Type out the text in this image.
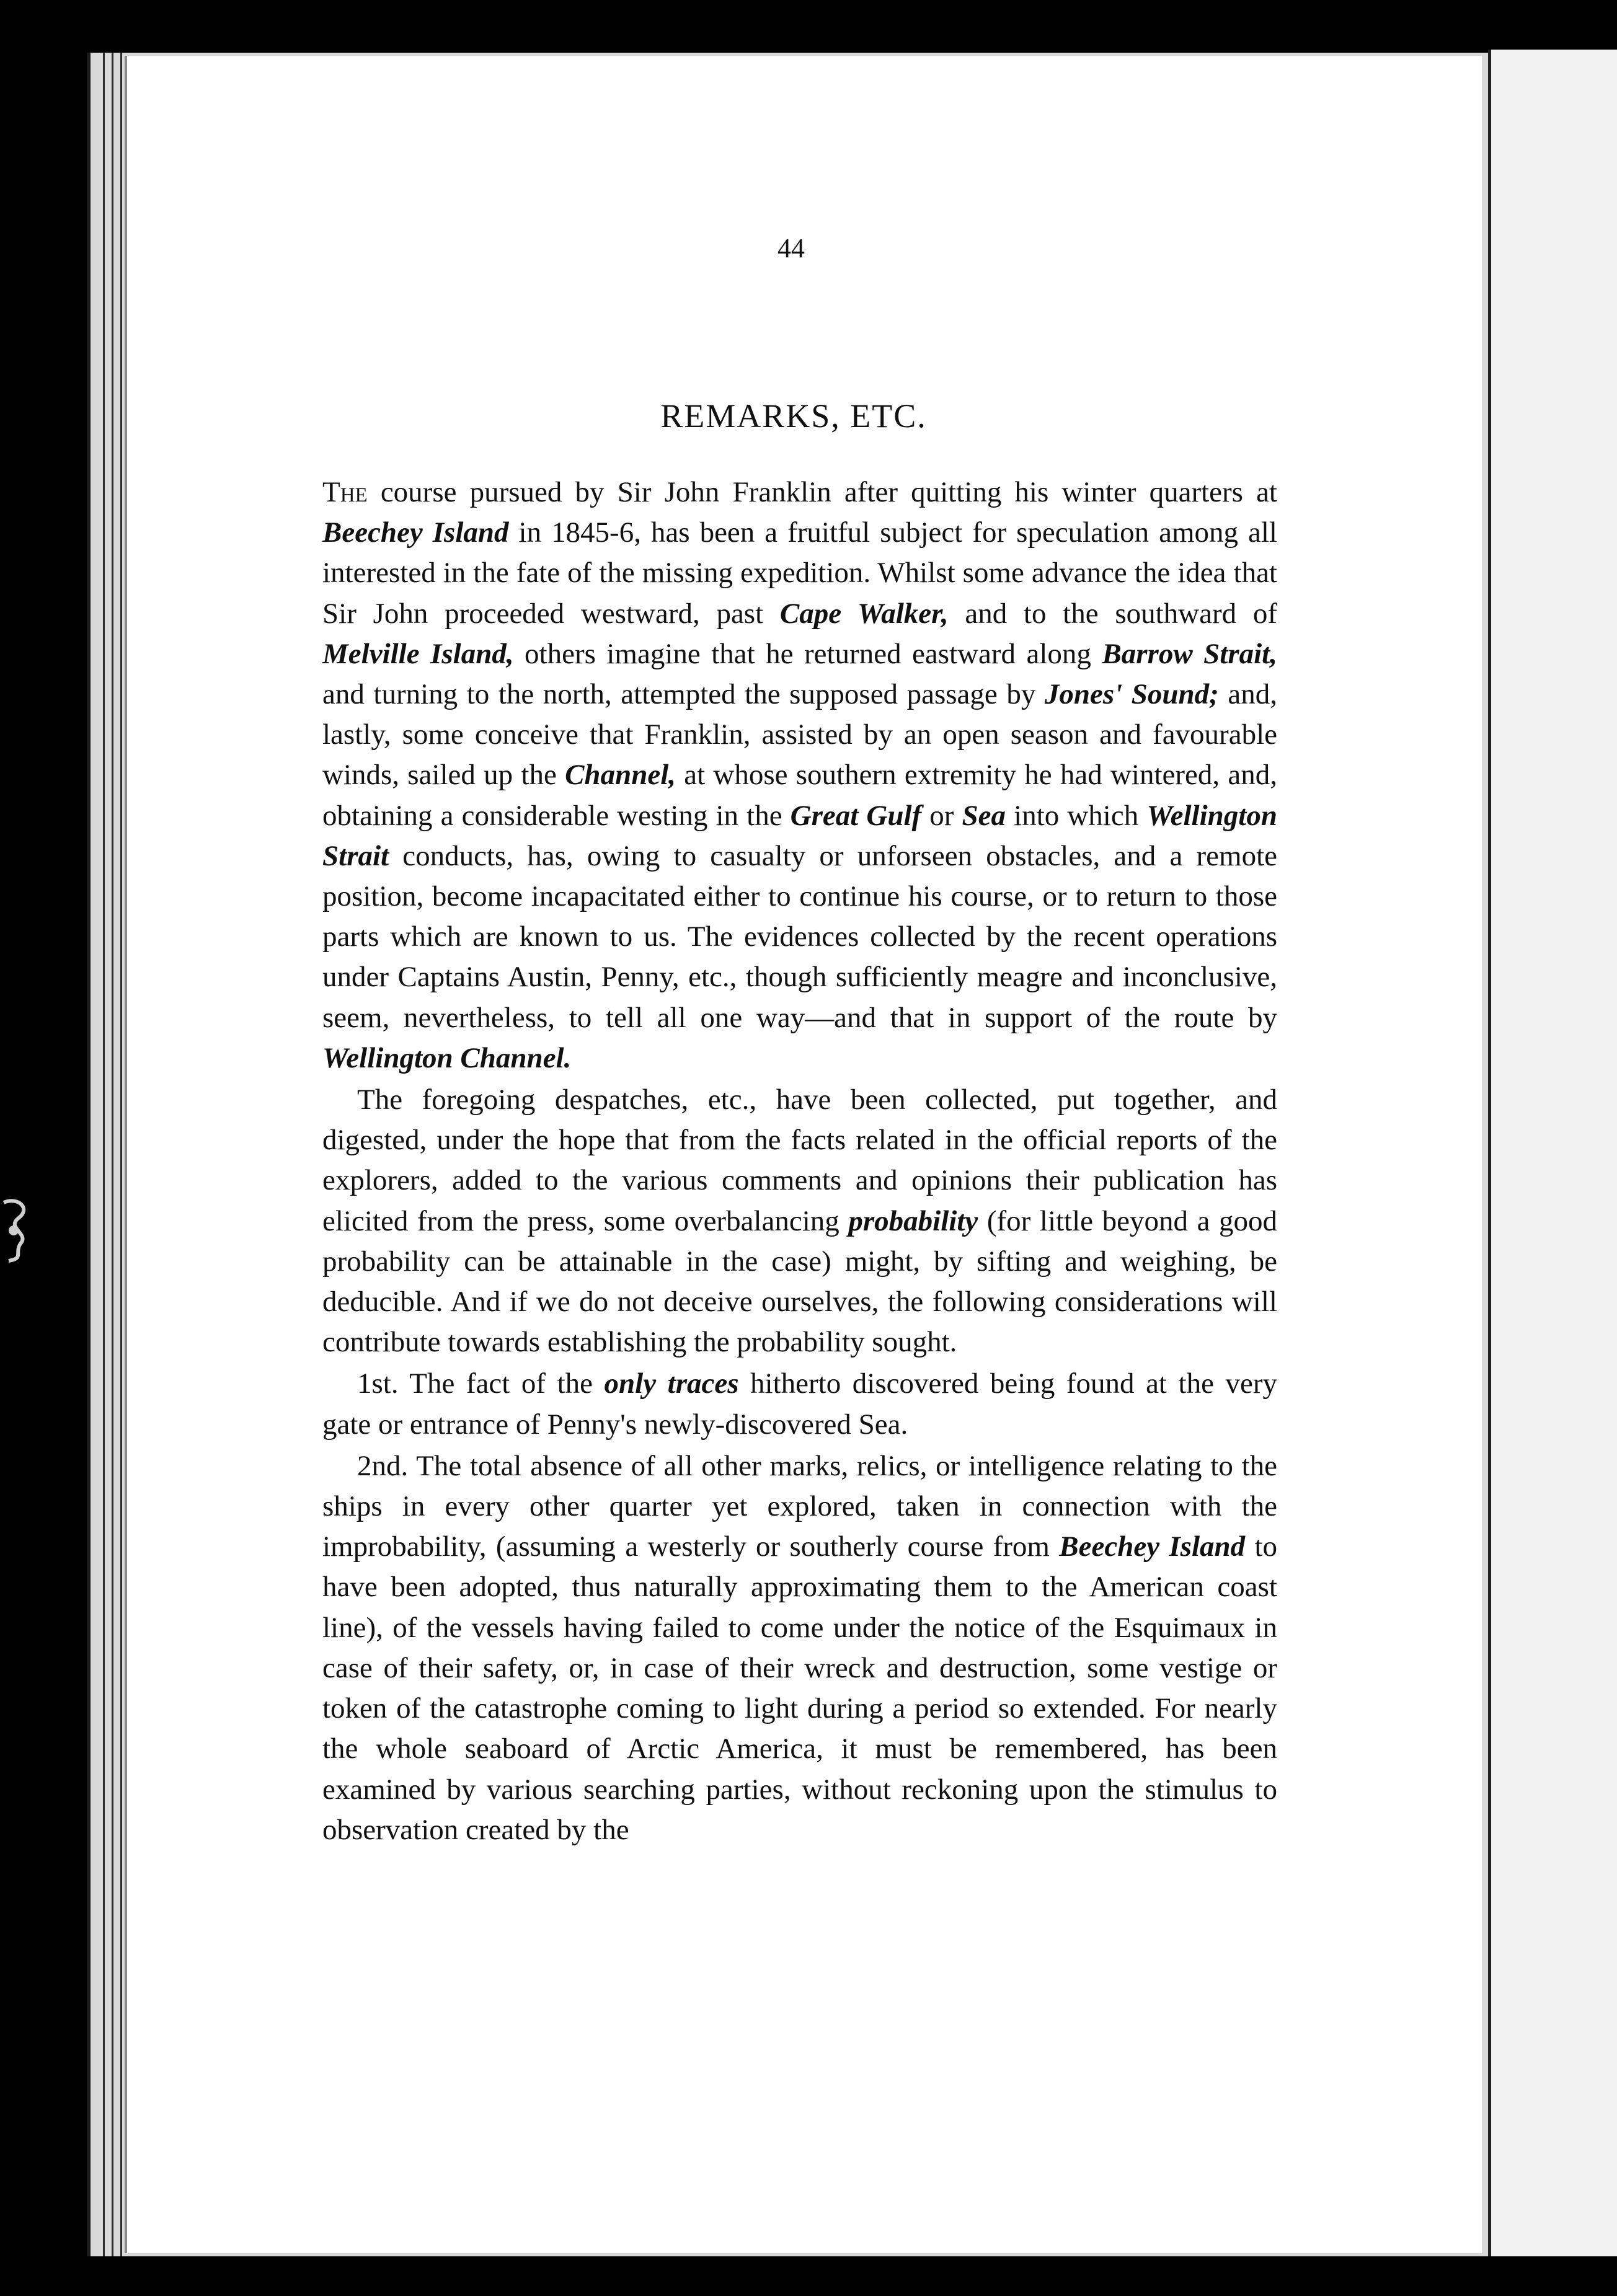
44
REMARKS, ETC.

The course pursued by Sir John Franklin after quitting his winter quarters at Beechey Island in 1845-6, has been a fruitful subject for speculation among all interested in the fate of the missing expedition. Whilst some advance the idea that Sir John proceeded westward, past Cape Walker, and to the southward of Melville Island, others imagine that he returned eastward along Barrow Strait, and turning to the north, attempted the supposed passage by Jones' Sound; and, lastly, some conceive that Franklin, assisted by an open season and favourable winds, sailed up the Channel, at whose southern extremity he had wintered, and, obtaining a considerable westing in the Great Gulf or Sea into which Wellington Strait conducts, has, owing to casualty or unforseen obstacles, and a remote position, become incapacitated either to continue his course, or to return to those parts which are known to us. The evidences collected by the recent operations under Captains Austin, Penny, etc., though sufficiently meagre and inconclusive, seem, nevertheless, to tell all one way—and that in support of the route by Wellington Channel.

The foregoing despatches, etc., have been collected, put together, and digested, under the hope that from the facts related in the official reports of the explorers, added to the various comments and opinions their publication has elicited from the press, some overbalancing probability (for little beyond a good probability can be attainable in the case) might, by sifting and weighing, be deducible. And if we do not deceive ourselves, the following considerations will contribute towards establishing the probability sought.

1st. The fact of the only traces hitherto discovered being found at the very gate or entrance of Penny's newly-discovered Sea.

2nd. The total absence of all other marks, relics, or intelligence relating to the ships in every other quarter yet explored, taken in connection with the improbability, (assuming a westerly or southerly course from Beechey Island to have been adopted, thus naturally approximating them to the American coast line), of the vessels having failed to come under the notice of the Esquimaux in case of their safety, or, in case of their wreck and destruction, some vestige or token of the catastrophe coming to light during a period so extended. For nearly the whole seaboard of Arctic America, it must be remembered, has been examined by various searching parties, without reckoning upon the stimulus to observation created by the
